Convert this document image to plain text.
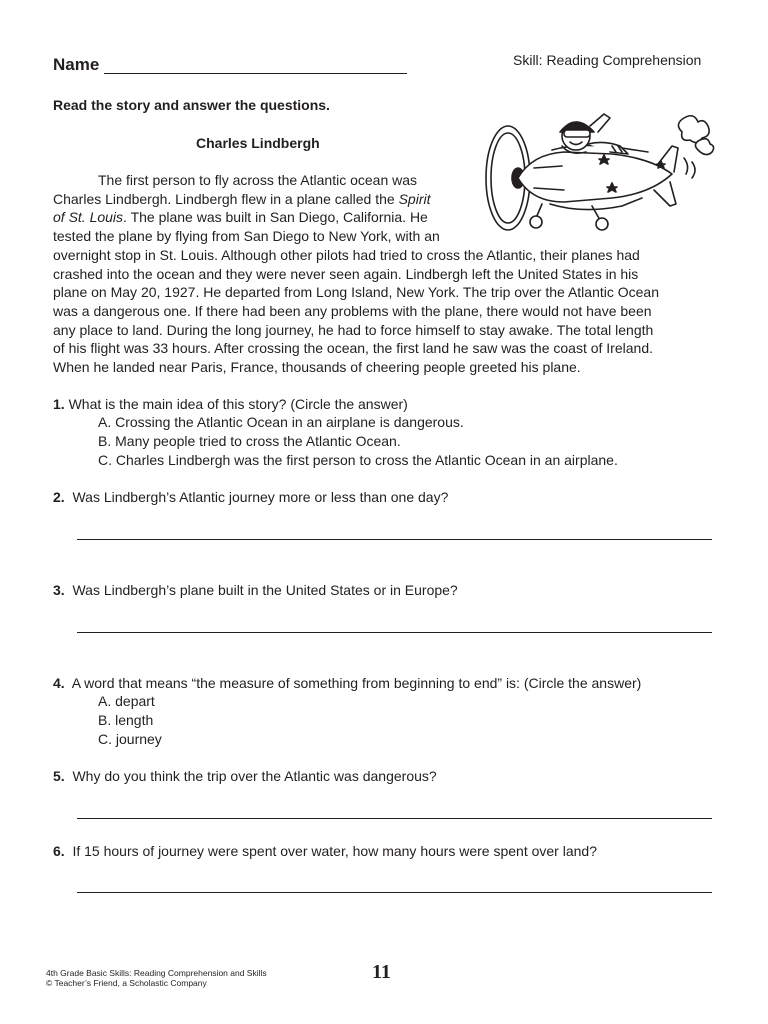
Name	Skill: Reading Comprehension
Read the story and answer the questions.
Charles Lindbergh
The first person to fly across the Atlantic ocean was
Charles Lindbergh. Lindbergh flew in a plane called the Spirit
of St. Louis. The plane was built in San Diego, California. He
tested the plane by flying from San Diego to New York, with an
overnight stop in St. Louis. Although other pilots had tried to cross the Atlantic, their planes had
crashed into the ocean and they were never seen again. Lindbergh left the United States in his
plane on May 20, 1927. He departed from Long Island, New York. The trip over the Atlantic Ocean
was a dangerous one. If there had been any problems with the plane, there would not have been
any place to land. During the long journey, he had to force himself to stay awake. The total length
of his flight was 33 hours. After crossing the ocean, the first land he saw was the coast of Ireland.
When he landed near Paris, France, thousands of cheering people greeted his plane.
1. What is the main idea of this story? (Circle the answer)
A. Crossing the Atlantic Ocean in an airplane is dangerous.
B. Many people tried to cross the Atlantic Ocean.
C. Charles Lindbergh was the first person to cross the Atlantic Ocean in an airplane.
2. Was Lindbergh’s Atlantic journey more or less than one day?
3. Was Lindbergh’s plane built in the United States or in Europe?
4. A word that means “the measure of something from beginning to end” is: (Circle the answer)
A. depart
B. length
C. journey
5. Why do you think the trip over the Atlantic was dangerous?
6. If 15 hours of journey were spent over water, how many hours were spent over land?
4th Grade Basic Skills: Reading Comprehension and Skills
© Teacher’s Friend, a Scholastic Company	11
